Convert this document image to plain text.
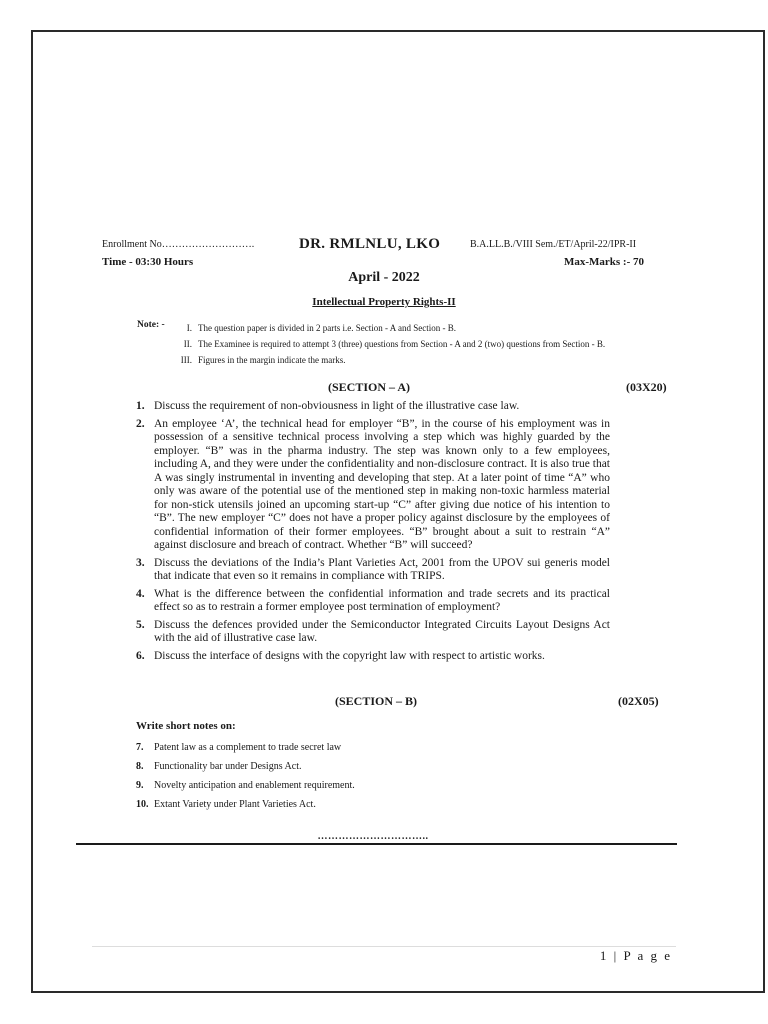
Enrollment No……………………….	DR. RMLNLU, LKO	B.A.LL.B./VIII Sem./ET/April-22/IPR-II
Time - 03:30 Hours	Max-Marks :- 70
April - 2022
Intellectual Property Rights-II
Note: -	I. The question paper is divided in 2 parts i.e. Section - A and Section - B.
II. The Examinee is required to attempt 3 (three) questions from Section - A and 2 (two) questions from Section - B.
III. Figures in the margin indicate the marks.
(SECTION – A)	(03X20)
1. Discuss the requirement of non-obviousness in light of the illustrative case law.
2. An employee ‘A’, the technical head for employer “B”, in the course of his employment was in possession of a sensitive technical process involving a step which was highly guarded by the employer. “B” was in the pharma industry. The step was known only to a few employees, including A, and they were under the confidentiality and non-disclosure contract. It is also true that A was singly instrumental in inventing and developing that step. At a later point of time “A” who only was aware of the potential use of the mentioned step in making non-toxic harmless material for non-stick utensils joined an upcoming start-up “C” after giving due notice of his intention to “B”. The new employer “C” does not have a proper policy against disclosure by the employees of confidential information of their former employees. “B” brought about a suit to restrain “A” against disclosure and breach of contract. Whether “B” will succeed?
3. Discuss the deviations of the India’s Plant Varieties Act, 2001 from the UPOV sui generis model that indicate that even so it remains in compliance with TRIPS.
4. What is the difference between the confidential information and trade secrets and its practical effect so as to restrain a former employee post termination of employment?
5. Discuss the defences provided under the Semiconductor Integrated Circuits Layout Designs Act with the aid of illustrative case law.
6. Discuss the interface of designs with the copyright law with respect to artistic works.
(SECTION – B)	(02X05)
Write short notes on:
7.	Patent law as a complement to trade secret law
8.	Functionality bar under Designs Act.
9.	Novelty anticipation and enablement requirement.
10. Extant Variety under Plant Varieties Act.
…………………………..
1 | P a g e
